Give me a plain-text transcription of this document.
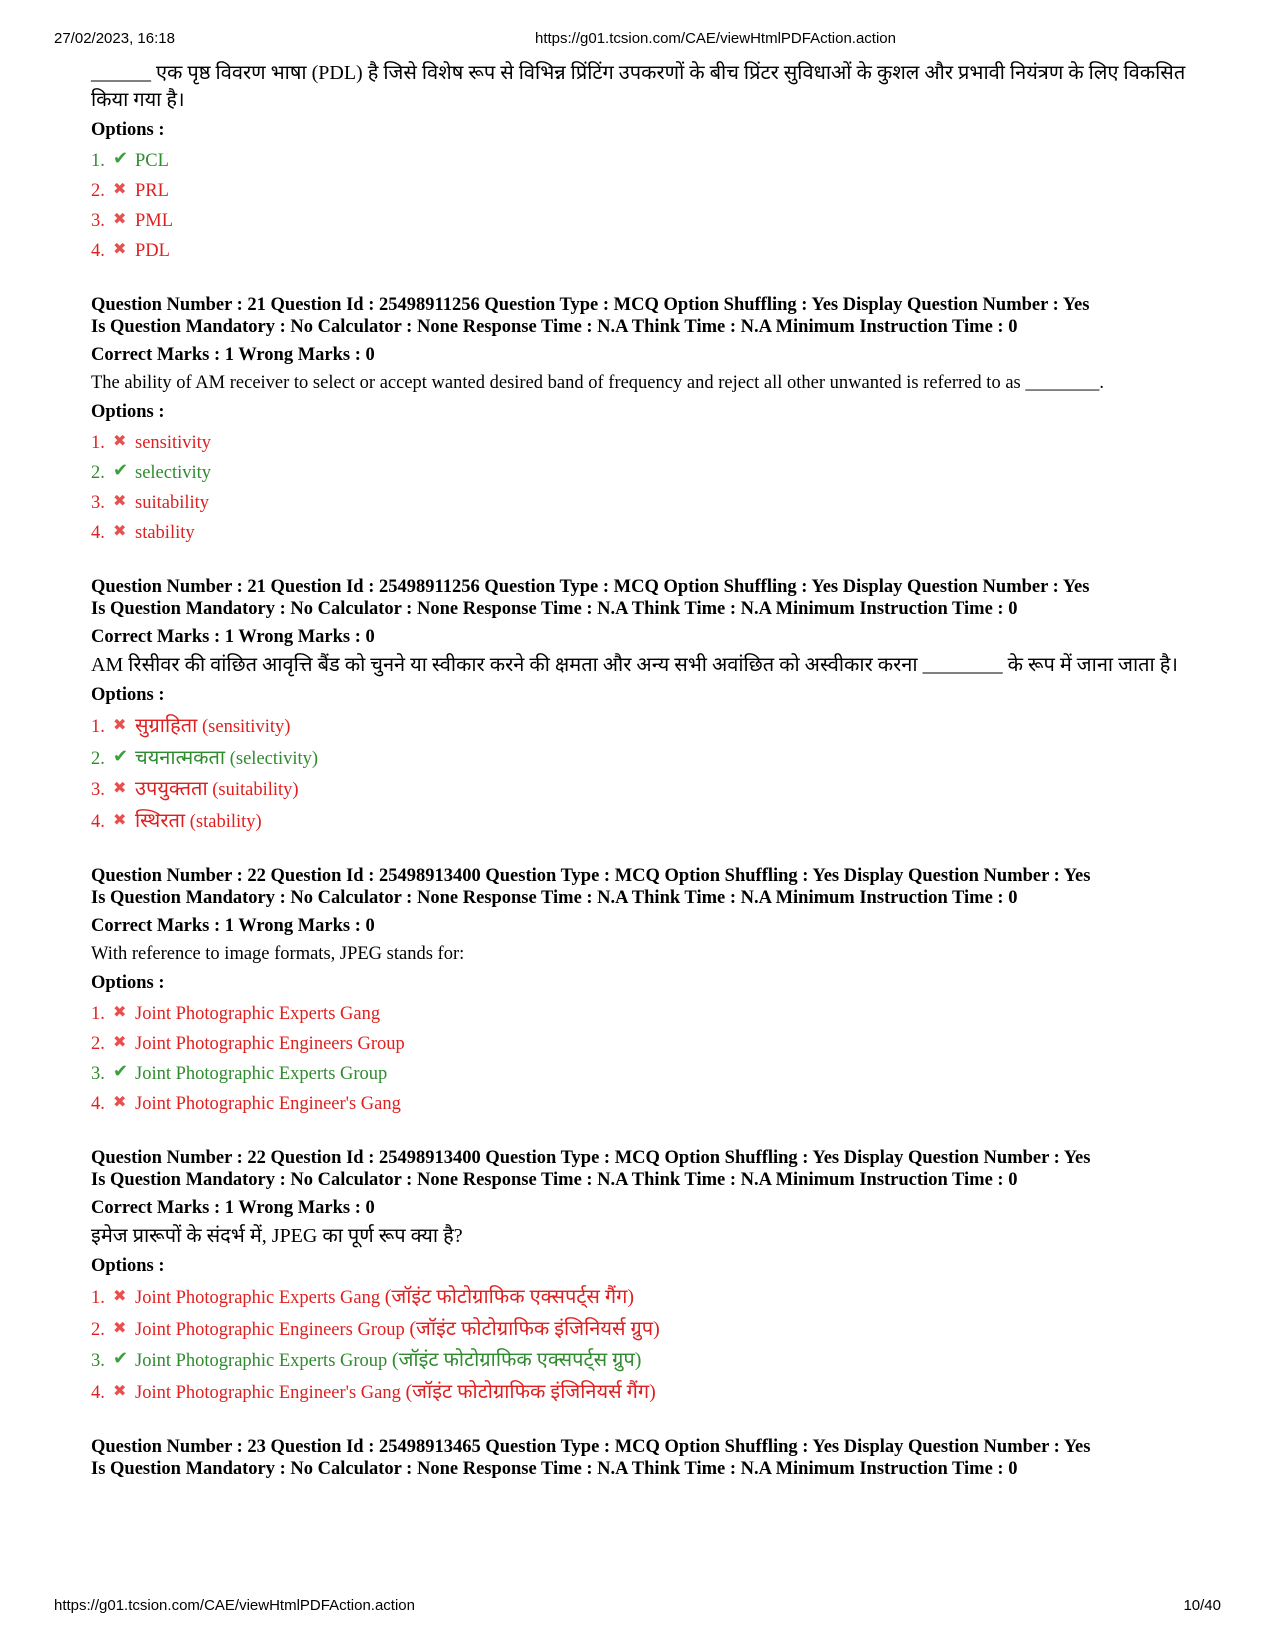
27/02/2023, 16:18	https://g01.tcsion.com/CAE/viewHtmlPDFAction.action

______ एक पृष्ठ विवरण भाषा (PDL) है जिसे विशेष रूप से विभिन्न प्रिंटिंग उपकरणों के बीच प्रिंटर सुविधाओं के कुशल और प्रभावी नियंत्रण के लिए विकसित किया गया है।

Options :

1. ✔ PCL
2. ✖ PRL
3. ✖ PML
4. ✖ PDL

Question Number : 21 Question Id : 25498911256 Question Type : MCQ Option Shuffling : Yes Display Question Number : Yes

Is Question Mandatory : No Calculator : None Response Time : N.A Think Time : N.A Minimum Instruction Time : 0

Correct Marks : 1 Wrong Marks : 0

The ability of AM receiver to select or accept wanted desired band of frequency and reject all other unwanted is referred to as ________.

Options :

1. ✖ sensitivity
2. ✔ selectivity
3. ✖ suitability
4. ✖ stability

Question Number : 21 Question Id : 25498911256 Question Type : MCQ Option Shuffling : Yes Display Question Number : Yes

Is Question Mandatory : No Calculator : None Response Time : N.A Think Time : N.A Minimum Instruction Time : 0

Correct Marks : 1 Wrong Marks : 0

AM रिसीवर की वांछित आवृत्ति बैंड को चुनने या स्वीकार करने की क्षमता और अन्य सभी अवांछित को अस्वीकार करना ________ के रूप में जाना जाता है।

Options :

1. ✖ सुग्राहिता (sensitivity)
2. ✔ चयनात्मकता (selectivity)
3. ✖ उपयुक्तता (suitability)
4. ✖ स्थिरता (stability)

Question Number : 22 Question Id : 25498913400 Question Type : MCQ Option Shuffling : Yes Display Question Number : Yes

Is Question Mandatory : No Calculator : None Response Time : N.A Think Time : N.A Minimum Instruction Time : 0

Correct Marks : 1 Wrong Marks : 0

With reference to image formats, JPEG stands for:

Options :

1. ✖ Joint Photographic Experts Gang
2. ✖ Joint Photographic Engineers Group
3. ✔ Joint Photographic Experts Group
4. ✖ Joint Photographic Engineer's Gang

Question Number : 22 Question Id : 25498913400 Question Type : MCQ Option Shuffling : Yes Display Question Number : Yes

Is Question Mandatory : No Calculator : None Response Time : N.A Think Time : N.A Minimum Instruction Time : 0

Correct Marks : 1 Wrong Marks : 0

इमेज प्रारूपों के संदर्भ में, JPEG का पूर्ण रूप क्या है?

Options :

1. ✖ Joint Photographic Experts Gang (जॉइंट फोटोग्राफिक एक्सपर्ट्स गैंग)
2. ✖ Joint Photographic Engineers Group (जॉइंट फोटोग्राफिक इंजिनियर्स ग्रुप)
3. ✔ Joint Photographic Experts Group (जॉइंट फोटोग्राफिक एक्सपर्ट्स ग्रुप)
4. ✖ Joint Photographic Engineer's Gang (जॉइंट फोटोग्राफिक इंजिनियर्स गैंग)

Question Number : 23 Question Id : 25498913465 Question Type : MCQ Option Shuffling : Yes Display Question Number : Yes

Is Question Mandatory : No Calculator : None Response Time : N.A Think Time : N.A Minimum Instruction Time : 0

https://g01.tcsion.com/CAE/viewHtmlPDFAction.action	10/40
